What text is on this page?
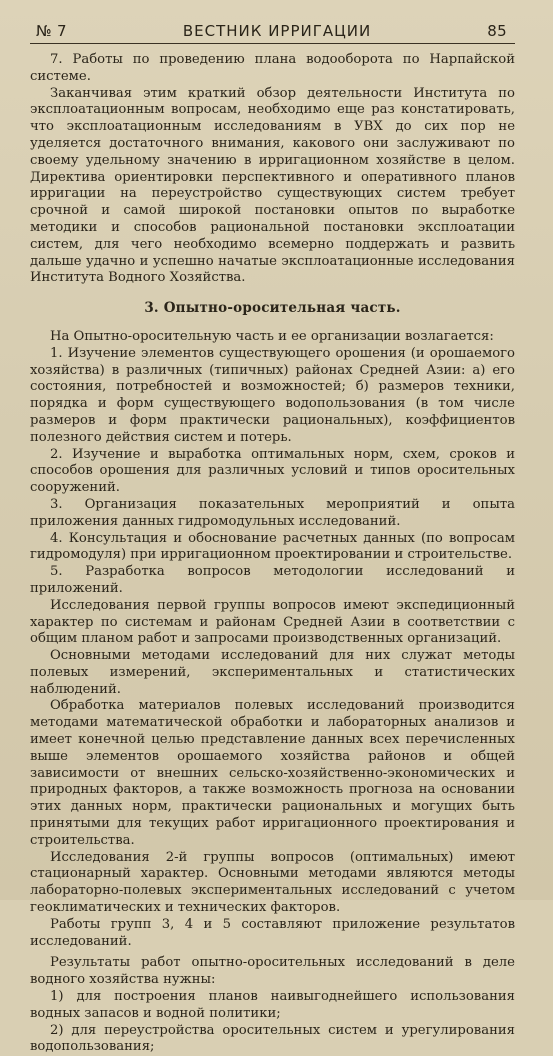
№ 7	ВЕСТНИК ИРРИГАЦИИ	85

7. Работы по проведению плана водооборота по Нарпайской системе.

Заканчивая этим краткий обзор деятельности Института по эксплоатационным вопросам, необходимо еще раз констатировать, что эксплоатационным исследованиям в УВХ до сих пор не уделяется достаточного внимания, какового они заслуживают по своему удельному значению в ирригационном хозяйстве в целом. Директива ориентировки перспективного и оперативного планов ирригации на переустройство существующих систем требует срочной и самой широкой постановки опытов по выработке методики и способов рациональной постановки эксплоатации систем, для чего необходимо всемерно поддержать и развить дальше удачно и успешно начатые эксплоатационные исследования Института Водного Хозяйства.

3. Опытно-оросительная часть.

На Опытно-оросительную часть и ее организации возлагается:

1. Изучение элементов существующего орошения (и орошаемого хозяйства) в различных (типичных) районах Средней Азии: а) его состояния, потребностей и возможностей; б) размеров техники, порядка и форм существующего водопользования (в том числе размеров и форм практически рациональных), коэффициентов полезного действия систем и потерь.

2. Изучение и выработка оптимальных норм, схем, сроков и способов орошения для различных условий и типов оросительных сооружений.

3. Организация показательных мероприятий и опыта приложения данных гидромодульных исследований.

4. Консультация и обоснование расчетных данных (по вопросам гидромодуля) при ирригационном проектировании и строительстве.

5. Разработка вопросов методологии исследований и приложений.

Исследования первой группы вопросов имеют экспедиционный характер по системам и районам Средней Азии в соответствии с общим планом работ и запросами производственных организаций.

Основными методами исследований для них служат методы полевых измерений, экспериментальных и статистических наблюдений.

Обработка материалов полевых исследований производится методами математической обработки и лабораторных анализов и имеет конечной целью представление данных всех перечисленных выше элементов орошаемого хозяйства районов и общей зависимости от внешних сельско-хозяйственно-экономических и природных факторов, а также возможность прогноза на основании этих данных норм, практически рациональных и могущих быть принятыми для текущих работ ирригационного проектирования и строительства.

Исследования 2-й группы вопросов (оптимальных) имеют стационарный характер. Основными методами являются методы лабораторно-полевых экспериментальных исследований с учетом геоклиматических и технических факторов.

Работы групп 3, 4 и 5 составляют приложение результатов исследований.

Результаты работ опытно-оросительных исследований в деле водного хозяйства нужны:

1) для построения планов наивыгоднейшего использования водных запасов и водной политики;

2) для переустройства оросительных систем и урегулирования водопользования;
